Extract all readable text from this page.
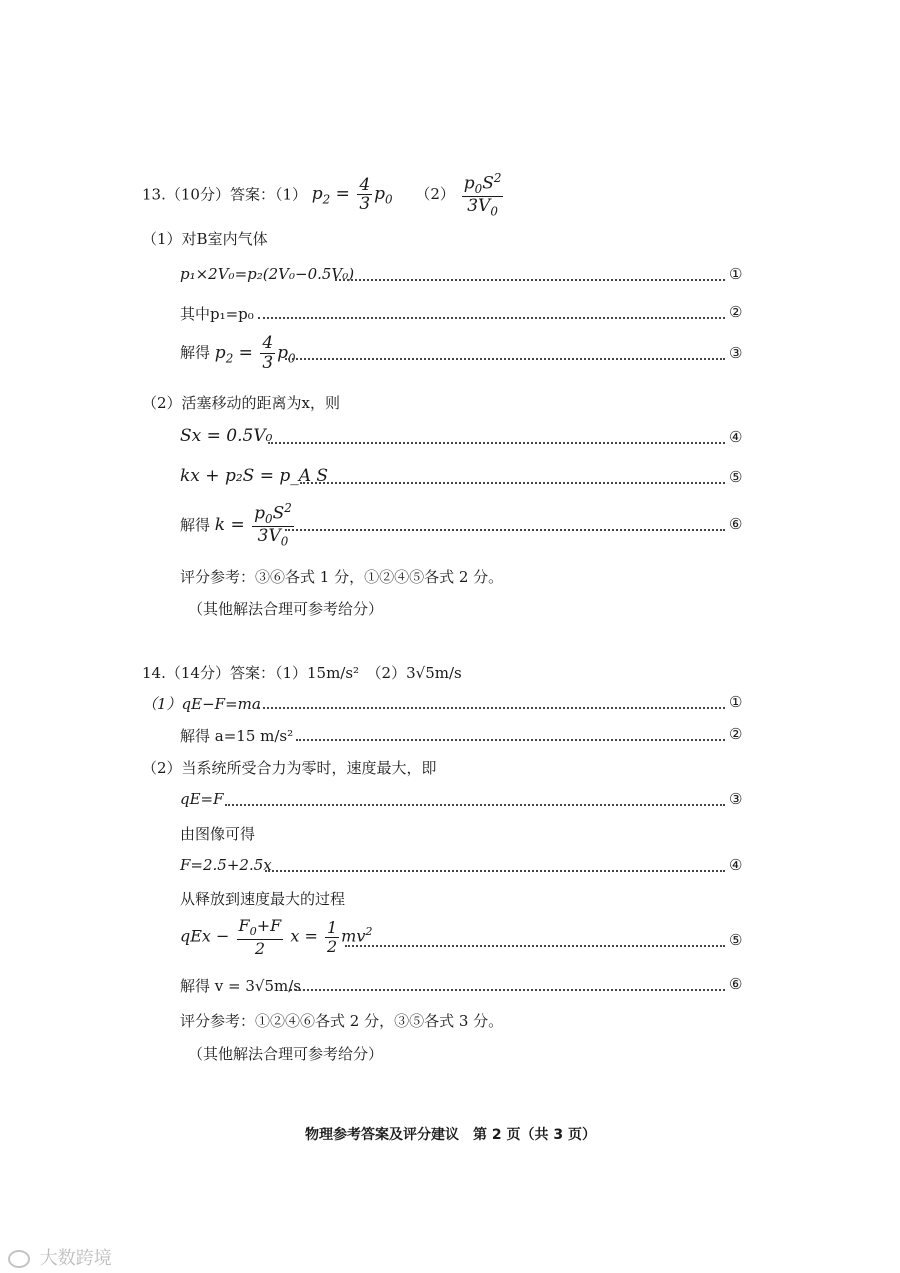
13.（10分）答案：（1） $p_2 = \frac{4}{3} p_0$ $(2) \frac{p_0S^2}{3V_0}$
（1）对B室内气体
p₁×2V₀=p₂(2V₀−0.5V₀)	①
其中p₁=p₀	②
解得 $p_2 = \frac{4}{3} p_0$	③
（2）活塞移动的距离为x，则
Sx = 0.5V₀	④
kx + p₂S = p_A S	⑤
解得 $k = \frac{p_0S^2}{3V_0}$	⑥
评分参考：③⑥各式 1 分，①②④⑤各式 2 分。
（其他解法合理可参考给分）
14.（14分）答案：（1）15m/s²　（2）3√5m/s
（1）qE−F=ma	①
解得 a=15 m/s²	②
（2）当系统所受合力为零时，速度最大，即
qE=F	③
由图像可得
F=2.5+2.5x	④
从释放到速度最大的过程
qEx − $\frac{F_0+F}{2}$ $x = \frac{1}{2} mv^2$	⑤
解得 v = 3√5m/s	⑥
评分参考：①②④⑥各式 2 分，③⑤各式 3 分。
（其他解法合理可参考给分）
物理参考答案及评分建议　第 2 页（共 3 页）
大数跨境
